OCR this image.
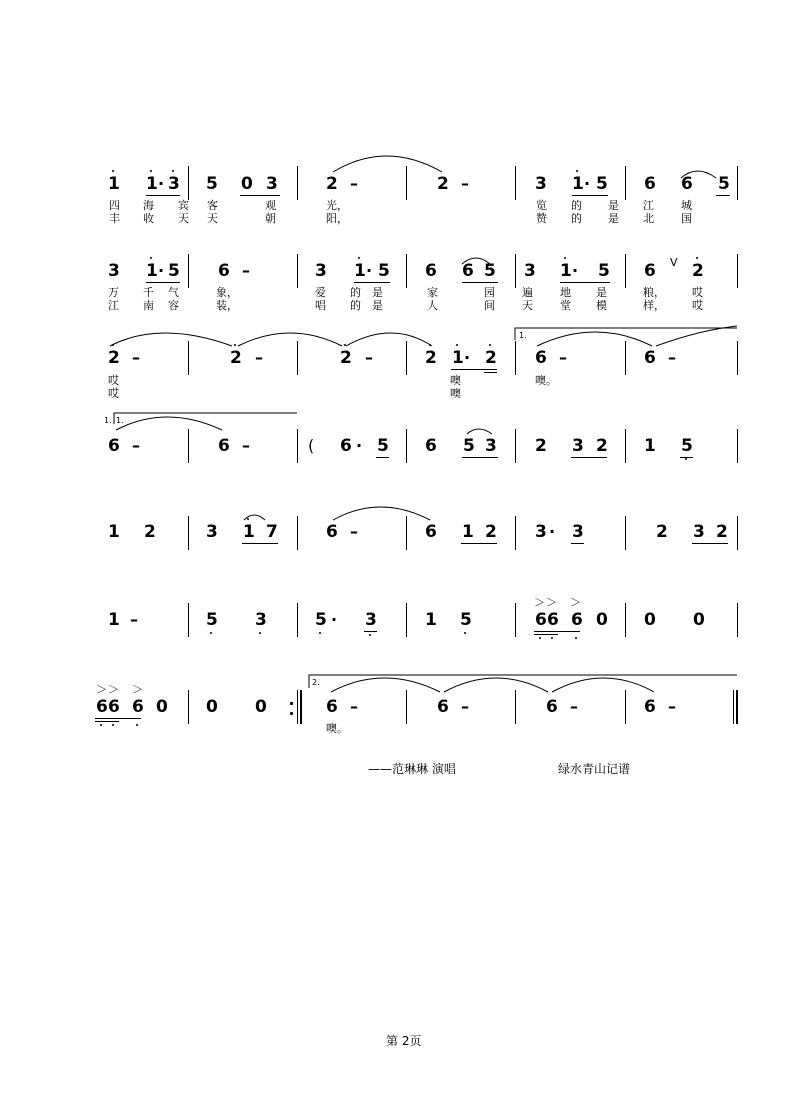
1 1 · 3 5 0 3	2 –	2 –	3 1 · 5 6 6 5
四 海 宾 客	观	光，	览 的 是 江 城
丰 收 天 天	朝	阳，	赞 的 是 北 国
3 1 · 5 6 –	3 1 · 5 6 6 5 3 1 · 5 6 V 2
万 千 气	象，	爱 的 是	家	园 遍 地 是	粮， 哎
江 南 容	装，	唱 的 是	人	间 天 堂 模	样， 哎
2 –	2 –	2 –	2 1 · 2
1.
6 –	6 –
哎	噢	噢。
哎	噢
1. 1.
6 –	6 –	( 6 · 5 6 5 3 2 3 2 1 5
1 2	3 1 7	6 –	6 1 2 3 · 3	2 3 2
1 –	5 3	5 · 3	1 5
＞ ＞ ＞
6 6 6 0 0 0
＞ ＞ ＞
6 6 6 0 0 0
2.
6 –	6 –	6 –	6 –
噢。
——范琳琳 演唱	绿水青山记谱
第 2页
